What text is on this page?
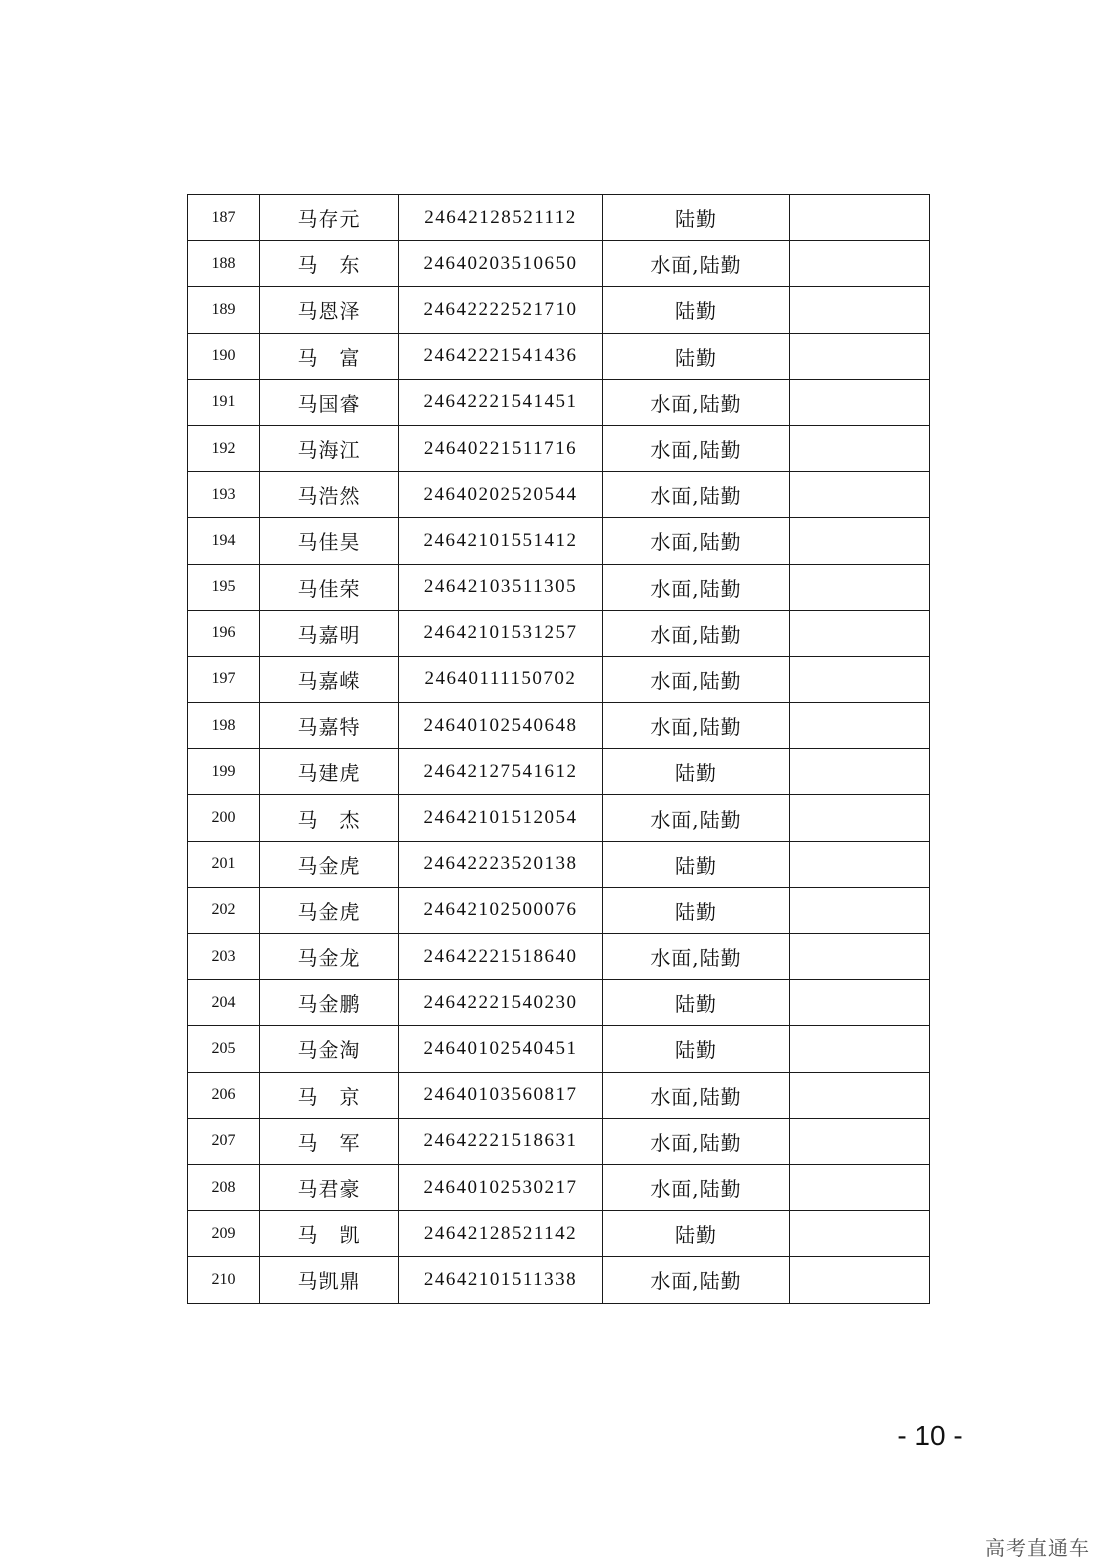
187	马存元	24642128521112	陆勤	
188	马　东	24640203510650	水面,陆勤	
189	马恩泽	24642222521710	陆勤	
190	马　富	24642221541436	陆勤	
191	马国睿	24642221541451	水面,陆勤	
192	马海江	24640221511716	水面,陆勤	
193	马浩然	24640202520544	水面,陆勤	
194	马佳昊	24642101551412	水面,陆勤	
195	马佳荣	24642103511305	水面,陆勤	
196	马嘉明	24642101531257	水面,陆勤	
197	马嘉嵘	24640111150702	水面,陆勤	
198	马嘉特	24640102540648	水面,陆勤	
199	马建虎	24642127541612	陆勤	
200	马　杰	24642101512054	水面,陆勤	
201	马金虎	24642223520138	陆勤	
202	马金虎	24642102500076	陆勤	
203	马金龙	24642221518640	水面,陆勤	
204	马金鹏	24642221540230	陆勤	
205	马金淘	24640102540451	陆勤	
206	马　京	24640103560817	水面,陆勤	
207	马　军	24642221518631	水面,陆勤	
208	马君豪	24640102530217	水面,陆勤	
209	马　凯	24642128521142	陆勤	
210	马凯鼎	24642101511338	水面,陆勤	
- 10 -
高考直通车
